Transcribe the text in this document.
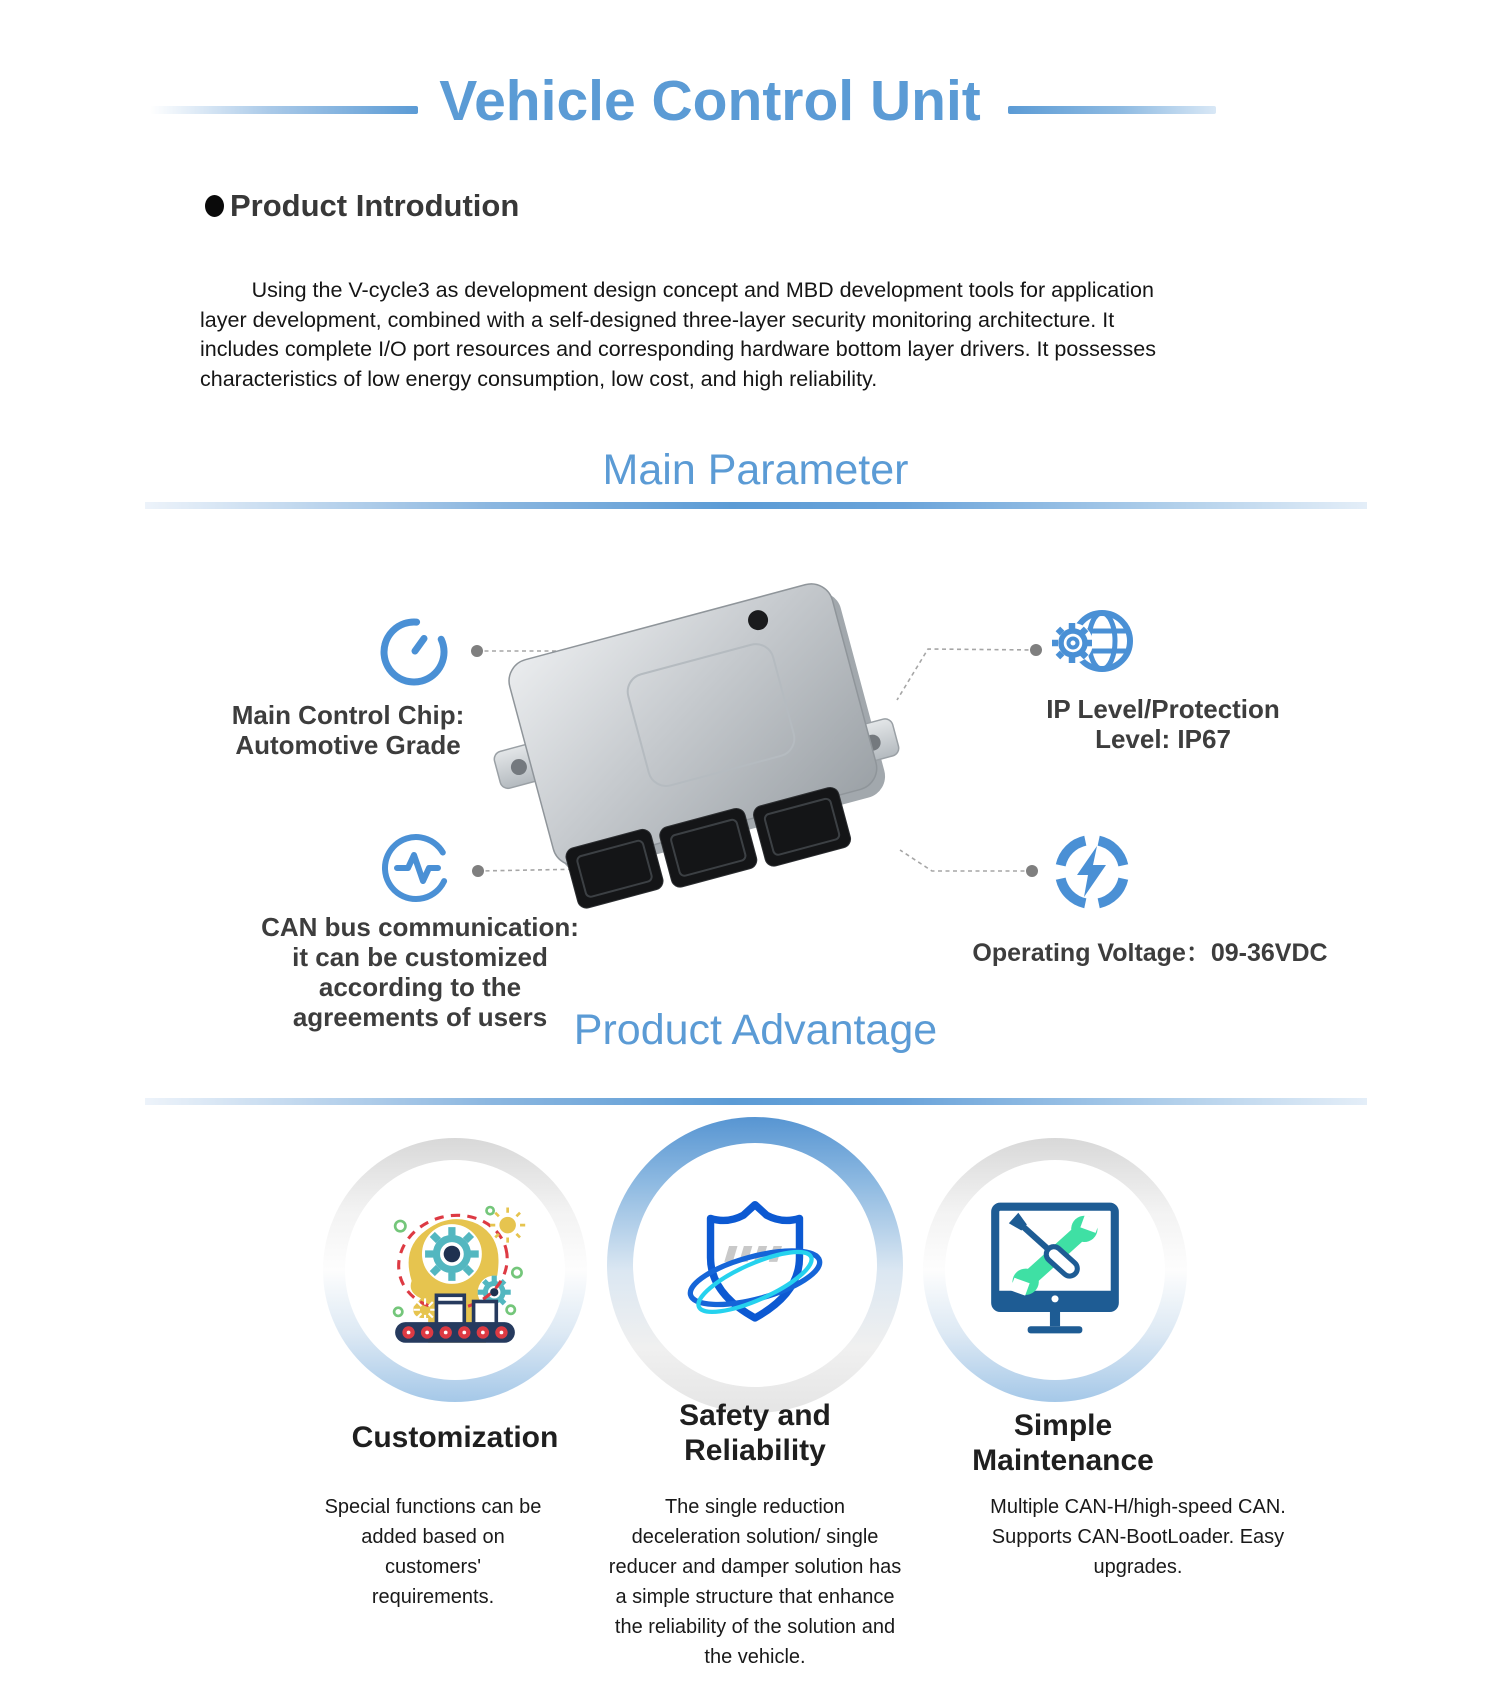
Vehicle Control Unit
Product Introdution
Using the V-cycle3 as development design concept and MBD development tools for application
layer development, combined with a self-designed three-layer security monitoring architecture. It
includes complete I/O port resources and corresponding hardware bottom layer drivers. It possesses
characteristics of low energy consumption, low cost, and high reliability.
Main Parameter
Main Control Chip:
Automotive Grade
IP Level/Protection
Level: IP67
CAN bus communication:
it can be customized
according to the
agreements of users
Operating Voltage：09-36VDC
Product Advantage
Customization
Safety and
Reliability
Simple
Maintenance
Special functions can be
added based on
customers'
requirements.
The single reduction
deceleration solution/ single
reducer and damper solution has
a simple structure that enhance
the reliability of the solution and
the vehicle.
Multiple CAN-H/high-speed CAN.
Supports CAN-BootLoader. Easy
upgrades.
